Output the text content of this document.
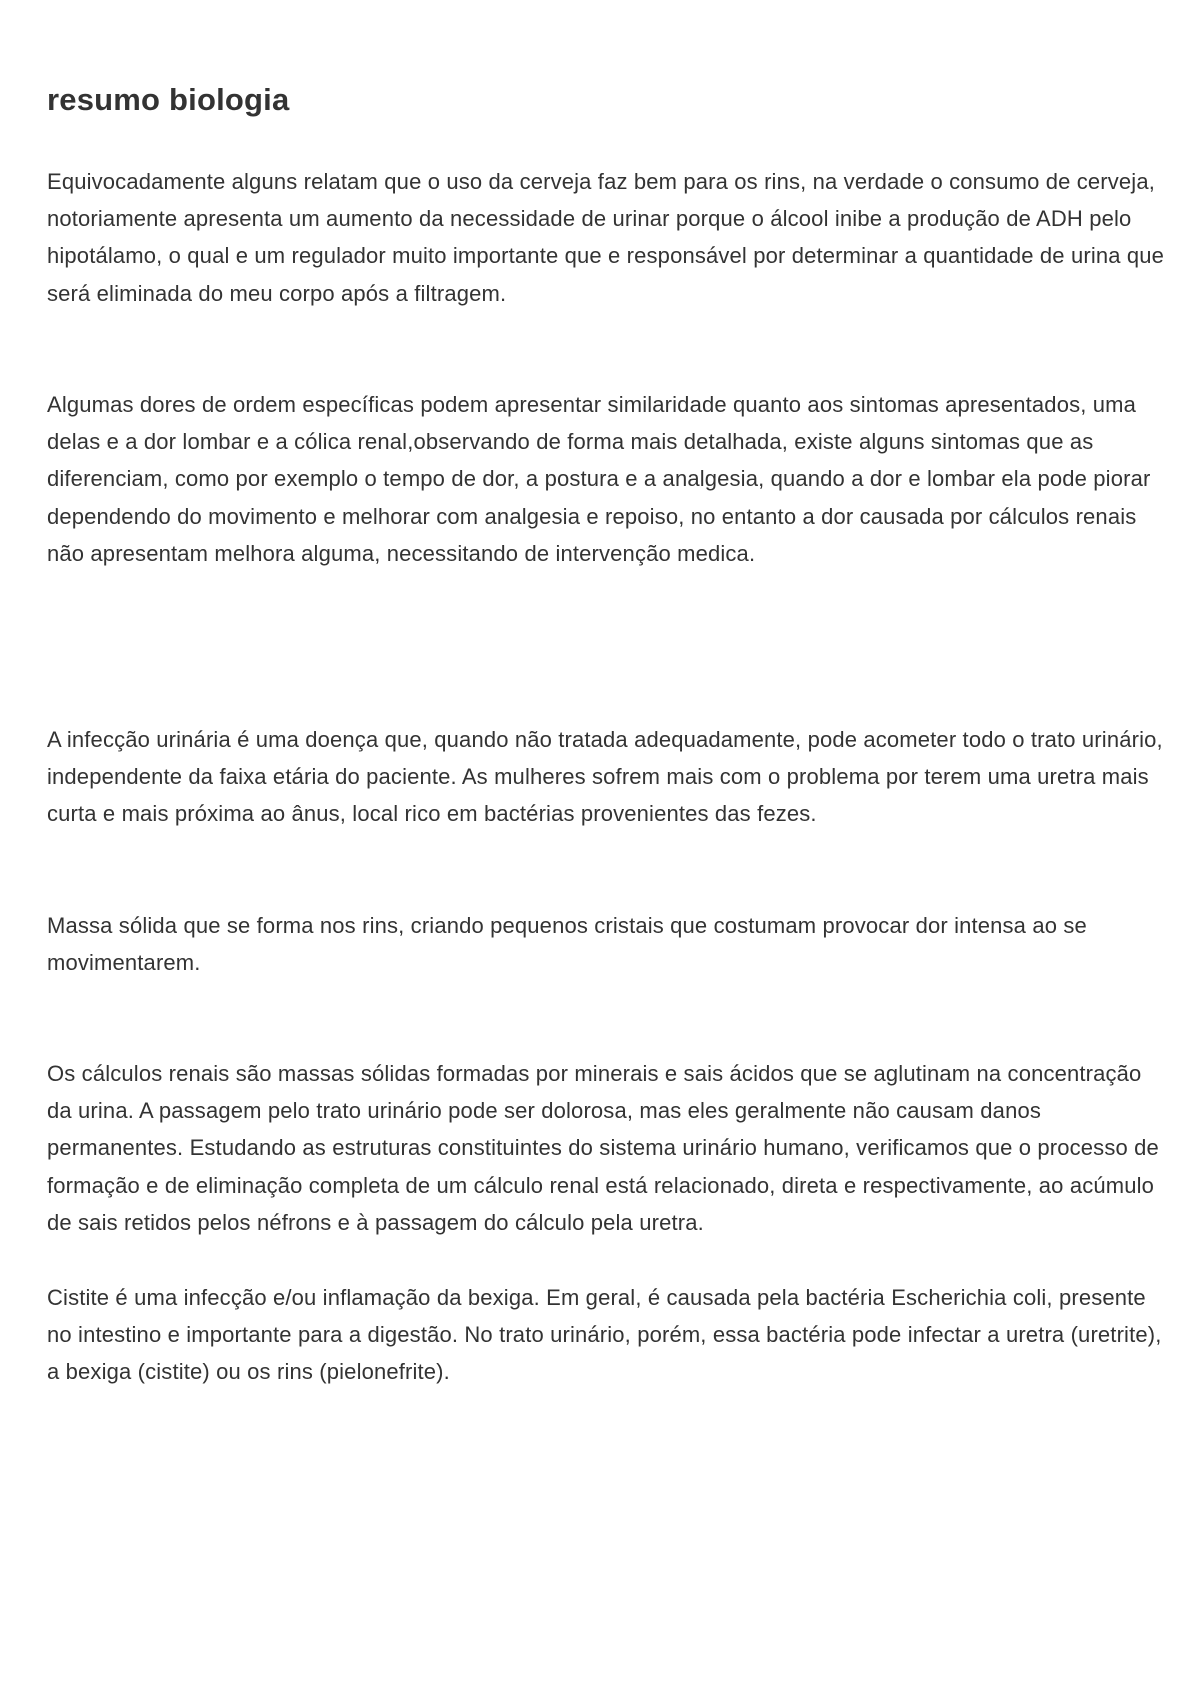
resumo biologia

Equivocadamente alguns relatam que o uso da cerveja faz bem para os rins, na verdade o consumo de cerveja, notoriamente apresenta um aumento da necessidade de urinar porque o álcool inibe a produção de ADH pelo hipotálamo, o qual e um regulador muito importante que e responsável por determinar a quantidade de urina que será eliminada do meu corpo após a filtragem.

Algumas dores de ordem específicas podem apresentar similaridade quanto aos sintomas apresentados, uma delas e a dor lombar e a cólica renal,observando de forma mais detalhada, existe alguns sintomas que as diferenciam, como por exemplo o tempo de dor, a postura e a analgesia, quando a dor e lombar ela pode piorar dependendo do movimento e melhorar com analgesia e repoiso, no entanto a dor causada por cálculos renais não apresentam melhora alguma, necessitando de intervenção medica.

A infecção urinária é uma doença que, quando não tratada adequadamente, pode acometer todo o trato urinário, independente da faixa etária do paciente. As mulheres sofrem mais com o problema por terem uma uretra mais curta e mais próxima ao ânus, local rico em bactérias provenientes das fezes.

Massa sólida que se forma nos rins, criando pequenos cristais que costumam provocar dor intensa ao se movimentarem.

Os cálculos renais são massas sólidas formadas por minerais e sais ácidos que se aglutinam na concentração da urina. A passagem pelo trato urinário pode ser dolorosa, mas eles geralmente não causam danos permanentes. Estudando as estruturas constituintes do sistema urinário humano, verificamos que o processo de formação e de eliminação completa de um cálculo renal está relacionado, direta e respectivamente, ao acúmulo de sais retidos pelos néfrons e à passagem do cálculo pela uretra.

Cistite é uma infecção e/ou inflamação da bexiga. Em geral, é causada pela bactéria Escherichia coli, presente no intestino e importante para a digestão. No trato urinário, porém, essa bactéria pode infectar a uretra (uretrite), a bexiga (cistite) ou os rins (pielonefrite).
